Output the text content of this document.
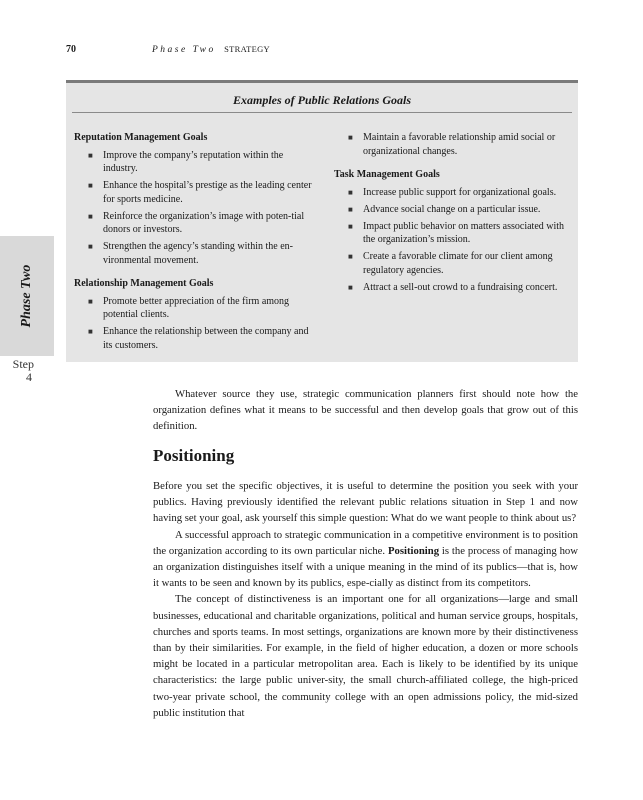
70	Phase Two STRATEGY
Examples of Public Relations Goals
Reputation Management Goals
■ Improve the company’s reputation within the industry.
■ Enhance the hospital’s prestige as the leading center for sports medicine.
■ Reinforce the organization’s image with poten-tial donors or investors.
■ Strengthen the agency’s standing within the en-vironmental movement.
Relationship Management Goals
■ Promote better appreciation of the firm among potential clients.
■ Enhance the relationship between the company and its customers.
■ Maintain a favorable relationship amid social or organizational changes.
Task Management Goals
■ Increase public support for organizational goals.
■ Advance social change on a particular issue.
■ Impact public behavior on matters associated with the organization’s mission.
■ Create a favorable climate for our client among regulatory agencies.
■ Attract a sell-out crowd to a fundraising concert.
Phase Two
Step
4

Whatever source they use, strategic communication planners first should note how the organization defines what it means to be successful and then develop goals that grow out of this definition.

Positioning

Before you set the specific objectives, it is useful to determine the position you seek with your publics. Having previously identified the relevant public relations situation in Step 1 and now having set your goal, ask yourself this simple question: What do we want people to think about us?

A successful approach to strategic communication in a competitive environment is to position the organization according to its own particular niche. Positioning is the process of managing how an organization distinguishes itself with a unique meaning in the mind of its publics—that is, how it wants to be seen and known by its publics, espe-cially as distinct from its competitors.

The concept of distinctiveness is an important one for all organizations—large and small businesses, educational and charitable organizations, political and human service groups, hospitals, churches and sports teams. In most settings, organizations are known more by their distinctiveness than by their similarities. For example, in the field of higher education, a dozen or more schools might be located in a particular metropolitan area. Each is likely to be identified by its unique characteristics: the large public univer-sity, the small church-affiliated college, the high-priced two-year private school, the community college with an open admissions policy, the mid-sized public institution that
